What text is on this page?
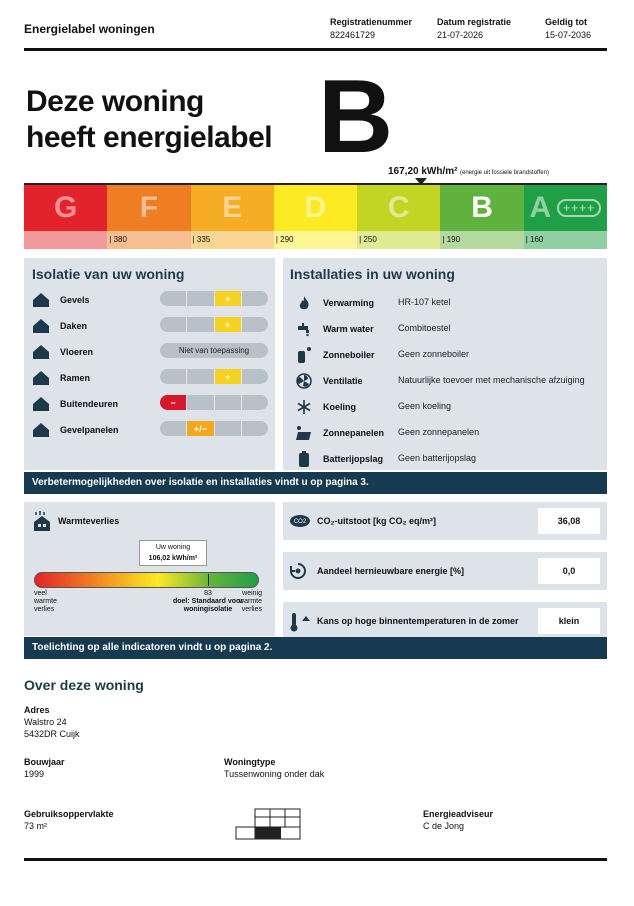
Energielabel woningen	Registratienummer
822461729
Datum registratie
21-07-2026
Geldig tot
15-07-2036
Deze woning
heeft energielabel B
167,20 kWh/m² (energie uit fossiele brandstoffen)
G F E D C B A	++++
| 380	| 335	| 290	| 250	| 190	| 160
Isolatie van uw woning
Gevels	+
Daken	+
Vloeren	Niet van toepassing
Ramen	+
Buitendeuren	−
Gevelpanelen	+/−
Installaties in uw woning
Verwarming	HR-107 ketel
Warm water	Combitoestel
Zonneboiler	Geen zonneboiler
Ventilatie	Natuurlijke toevoer met mechanische afzuiging
Koeling	Geen koeling
Zonnepanelen Geen zonnepanelen
Batterijopslag Geen batterijopslag
Verbetermogelijkheden over isolatie en installaties vindt u op pagina 3.
Warmteverlies
Uw woning
106,02 kWh/m²
veel warmte verlies
weinig warmte verlies
83
doel: Standaard voor woningisolatie
CO2 CO₂-uitstoot [kg CO₂ eq/m²]	36,08
Aandeel hernieuwbare energie [%]	0,0
Kans op hoge binnentemperaturen in de zomer	klein
Toelichting op alle indicatoren vindt u op pagina 2.
Over deze woning
Adres
Walstro 24
5432DR Cuijk
Bouwjaar
1999
Woningtype
Tussenwoning onder dak
Gebruiksoppervlakte
73 m²
Energieadviseur
C de Jong
